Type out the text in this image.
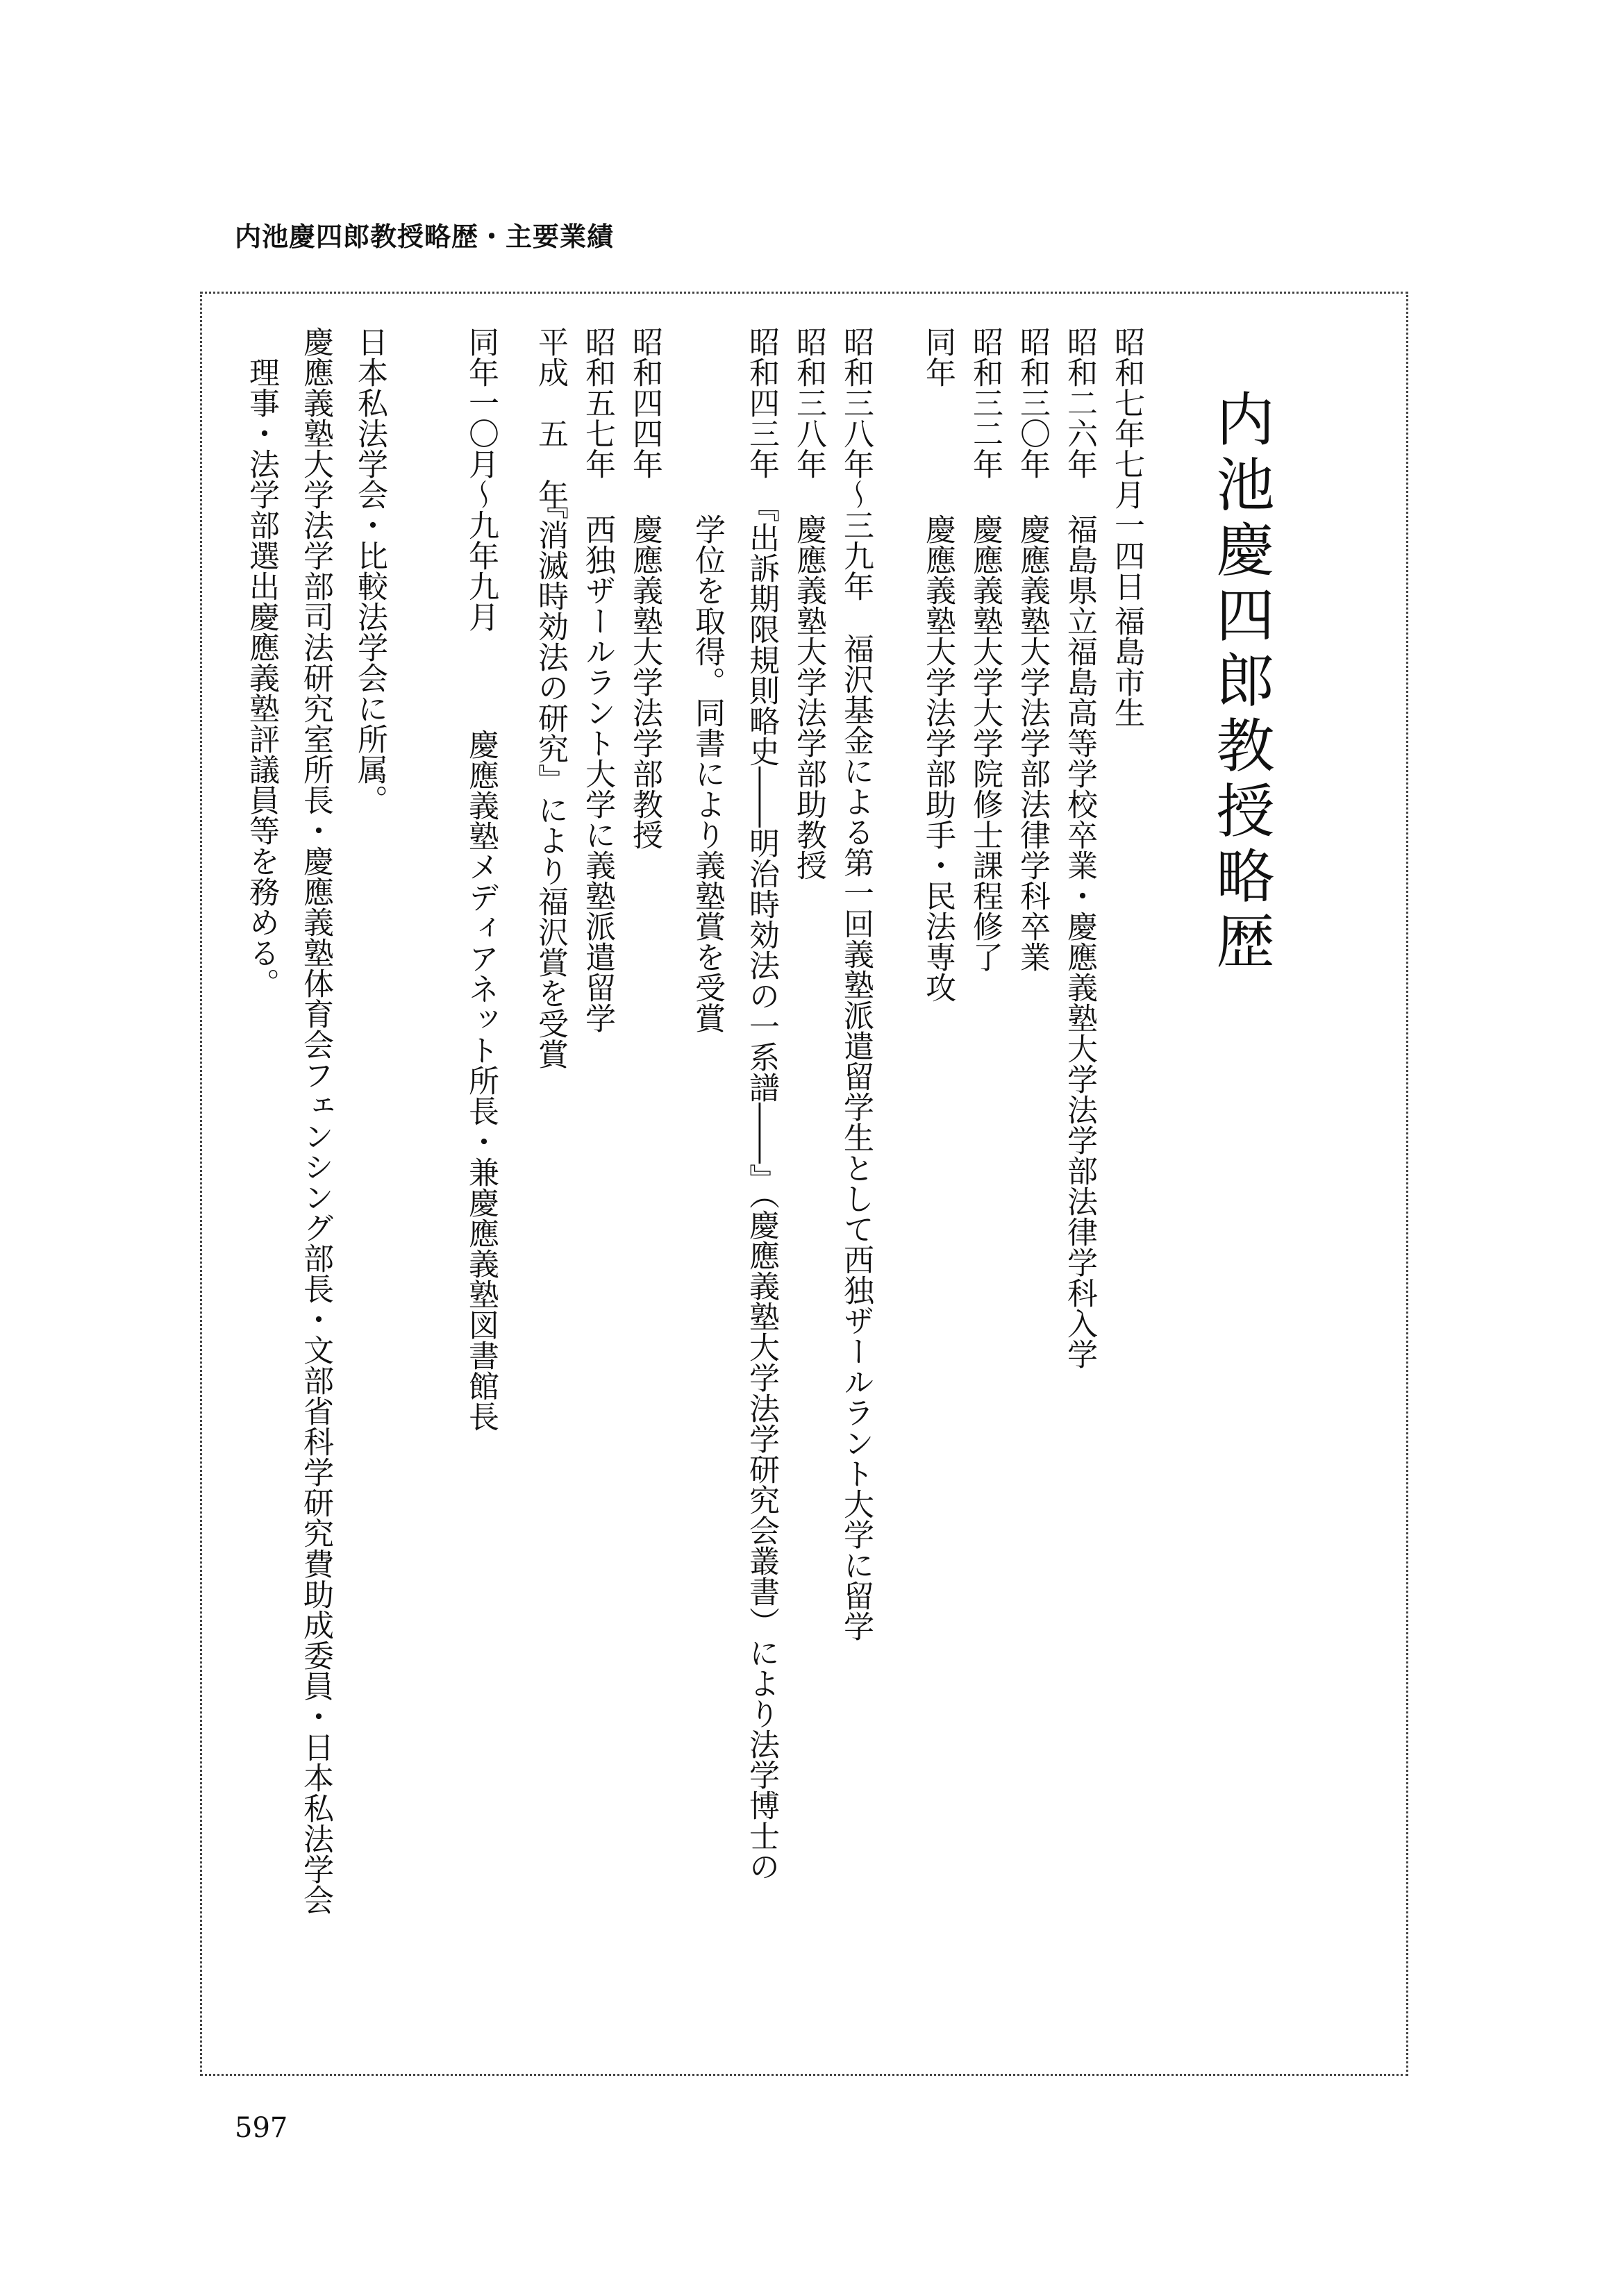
内池慶四郎教授略歴・主要業績
内池慶四郎教授略歴
昭和七年七月一四日
福島市生
昭和二六年
福島県立福島高等学校卒業・慶應義塾大学法学部法律学科入学
昭和三〇年
慶應義塾大学法学部法律学科卒業
昭和三二年
慶應義塾大学大学院修士課程修了
同年
慶應義塾大学法学部助手・民法専攻
昭和三八年～三九年
福沢基金による第一回義塾派遣留学生として西独ザールラント大学に留学
昭和三八年
慶應義塾大学法学部助教授
昭和四三年
『出訴期限規則略史――明治時効法の一系譜――』（慶應義塾大学法学研究会叢書）により法学博士の
学位を取得。同書により義塾賞を受賞
昭和四四年
慶應義塾大学法学部教授
昭和五七年
西独ザールラント大学に義塾派遣留学
平成　五　年
『消滅時効法の研究』により福沢賞を受賞
同年一〇月～九年九月
慶應義塾メディアネット所長・兼慶應義塾図書館長
日本私法学会・比較法学会に所属。
慶應義塾大学法学部司法研究室所長・慶應義塾体育会フェンシング部長・文部省科学研究費助成委員・日本私法学会
理事・法学部選出慶應義塾評議員等を務める。
597
